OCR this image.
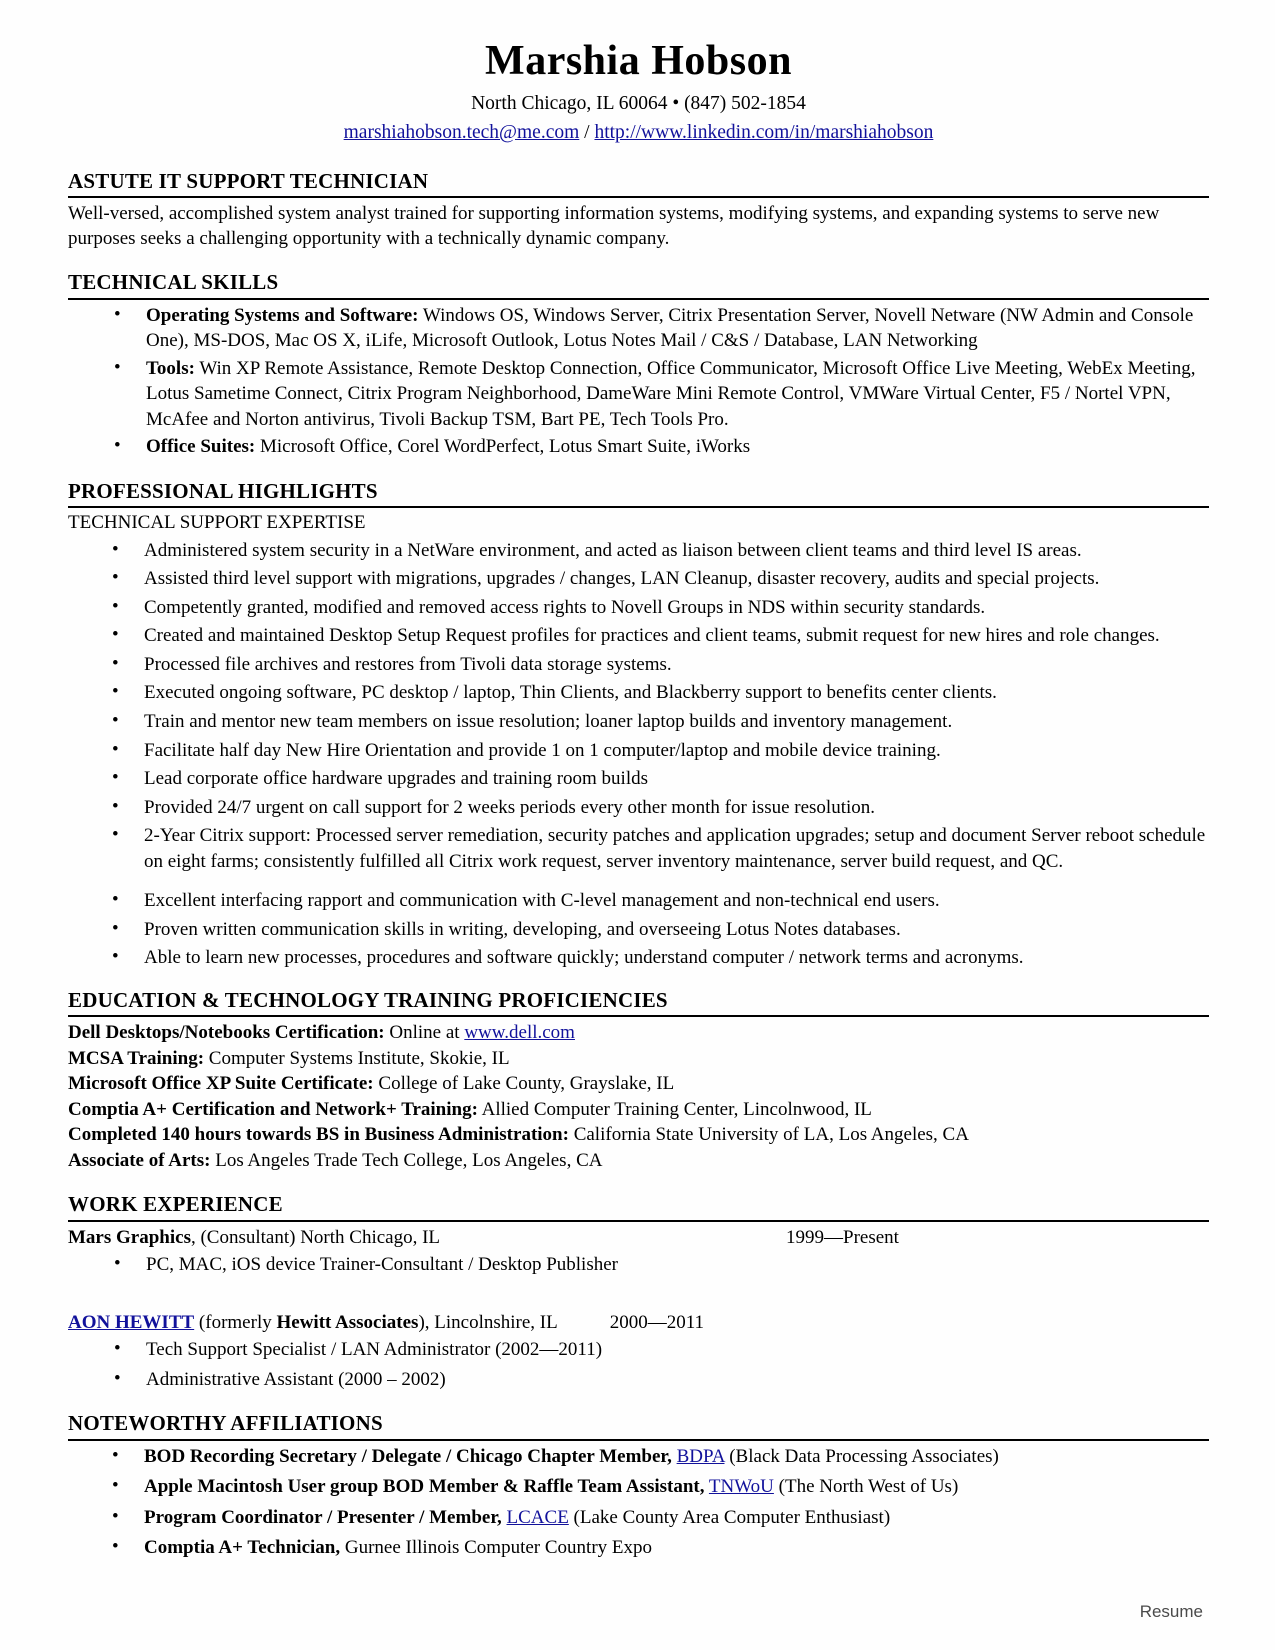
Marshia Hobson

North Chicago, IL 60064 • (847) 502-1854

marshiahobson.tech@me.com / http://www.linkedin.com/in/marshiahobson

ASTUTE IT SUPPORT TECHNICIAN

Well-versed, accomplished system analyst trained for supporting information systems, modifying systems, and expanding systems to serve new purposes seeks a challenging opportunity with a technically dynamic company.

TECHNICAL SKILLS
• Operating Systems and Software: Windows OS, Windows Server, Citrix Presentation Server, Novell Netware (NW Admin and Console One), MS-DOS, Mac OS X, iLife, Microsoft Outlook, Lotus Notes Mail / C&S / Database, LAN Networking
• Tools: Win XP Remote Assistance, Remote Desktop Connection, Office Communicator, Microsoft Office Live Meeting, WebEx Meeting, Lotus Sametime Connect, Citrix Program Neighborhood, DameWare Mini Remote Control, VMWare Virtual Center, F5 / Nortel VPN, McAfee and Norton antivirus, Tivoli Backup TSM, Bart PE, Tech Tools Pro.
• Office Suites: Microsoft Office, Corel WordPerfect, Lotus Smart Suite, iWorks
PROFESSIONAL HIGHLIGHTS
TECHNICAL SUPPORT EXPERTISE
• Administered system security in a NetWare environment, and acted as liaison between client teams and third level IS areas.
• Assisted third level support with migrations, upgrades / changes, LAN Cleanup, disaster recovery, audits and special projects.
• Competently granted, modified and removed access rights to Novell Groups in NDS within security standards.
• Created and maintained Desktop Setup Request profiles for practices and client teams, submit request for new hires and role changes.
• Processed file archives and restores from Tivoli data storage systems.
• Executed ongoing software, PC desktop / laptop, Thin Clients, and Blackberry support to benefits center clients.
• Train and mentor new team members on issue resolution; loaner laptop builds and inventory management.
• Facilitate half day New Hire Orientation and provide 1 on 1 computer/laptop and mobile device training.
• Lead corporate office hardware upgrades and training room builds
• Provided 24/7 urgent on call support for 2 weeks periods every other month for issue resolution.
• 2-Year Citrix support: Processed server remediation, security patches and application upgrades; setup and document Server reboot schedule on eight farms; consistently fulfilled all Citrix work request, server inventory maintenance, server build request, and QC.
• Excellent interfacing rapport and communication with C-level management and non-technical end users.
• Proven written communication skills in writing, developing, and overseeing Lotus Notes databases.
• Able to learn new processes, procedures and software quickly; understand computer / network terms and acronyms.
EDUCATION & TECHNOLOGY TRAINING PROFICIENCIES

Dell Desktops/Notebooks Certification: Online at www.dell.com

MCSA Training: Computer Systems Institute, Skokie, IL

Microsoft Office XP Suite Certificate: College of Lake County, Grayslake, IL

Comptia A+ Certification and Network+ Training: Allied Computer Training Center, Lincolnwood, IL

Completed 140 hours towards BS in Business Administration: California State University of LA, Los Angeles, CA

Associate of Arts: Los Angeles Trade Tech College, Los Angeles, CA

WORK EXPERIENCE

Mars Graphics, (Consultant) North Chicago, IL	1999—Present

• PC, MAC, iOS device Trainer-Consultant / Desktop Publisher

AON HEWITT (formerly Hewitt Associates), Lincolnshire, IL	2000—2011

• Tech Support Specialist / LAN Administrator (2002—2011)
• Administrative Assistant (2000 – 2002)
NOTEWORTHY AFFILIATIONS
• BOD Recording Secretary / Delegate / Chicago Chapter Member, BDPA (Black Data Processing Associates)
• Apple Macintosh User group BOD Member & Raffle Team Assistant, TNWoU (The North West of Us)
• Program Coordinator / Presenter / Member, LCACE (Lake County Area Computer Enthusiast)
• Comptia A+ Technician, Gurnee Illinois Computer Country Expo
Resume
